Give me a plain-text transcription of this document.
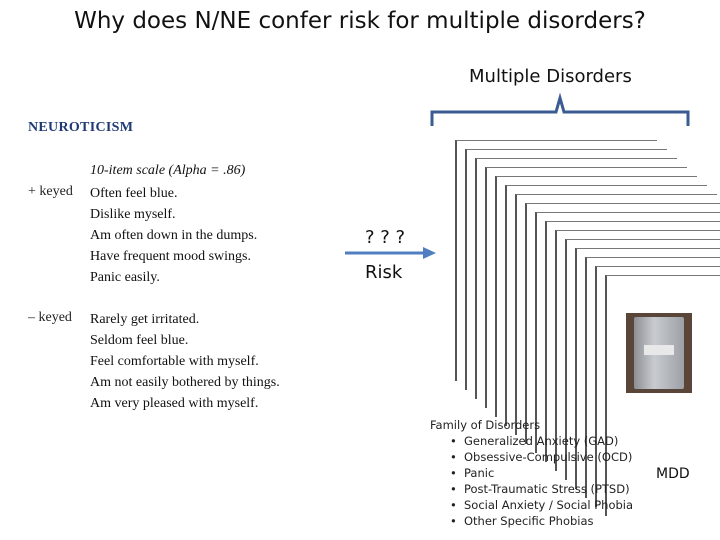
Why does N/NE confer risk for multiple disorders?
Multiple Disorders
NEUROTICISM
10-item scale (Alpha = .86)
+ keyed Often feel blue.
Dislike myself.
Am often down in the dumps.
Have frequent mood swings.
Panic easily.
– keyed Rarely get irritated.
Seldom feel blue.
Feel comfortable with myself.
Am not easily bothered by things.
Am very pleased with myself.
? ? ?
Risk
Family of Disorders
• Generalized Anxiety (GAD)
• Obsessive-Compulsive (OCD)
• Panic
• Post-Traumatic Stress (PTSD)
• Social Anxiety / Social Phobia
• Other Specific Phobias
MDD
